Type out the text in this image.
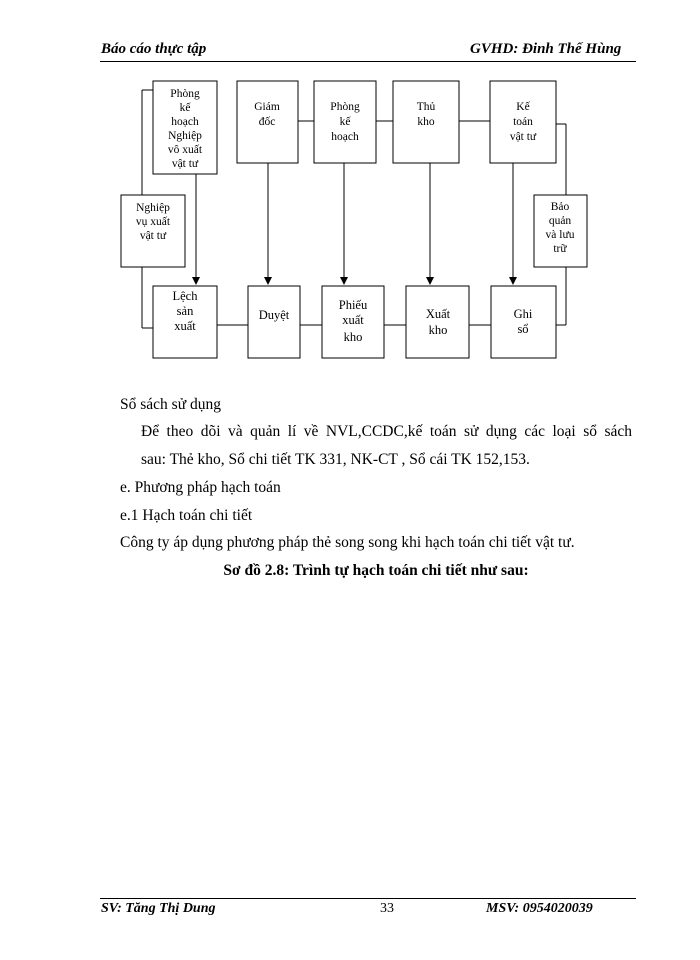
Báo cáo thực tập	GVHD: Đinh Thế Hùng
Phòng
kế
hoạch
Nghiệp
vô xuất
vật tư
Giám
đốc
Phòng
kế
hoạch
Thủ
kho
Kế
toán
vật tư
Nghiệp
vụ xuất
vật tư
Bảo
quản
và lưu
trữ
Lệch
sản
xuất
Duyệt
Phiếu
xuất
kho
Xuất
kho
Ghi
sổ
Sổ sách sử dụng
Để theo dõi và quản lí về NVL,CCDC,kế toán sử dụng các loại sổ sách
sau: Thẻ kho, Sổ chi tiết TK 331, NK-CT , Sổ cái TK 152,153.
e. Phương pháp hạch toán
e.1 Hạch toán chi tiết
Công ty áp dụng phương pháp thẻ song song khi hạch toán chi tiết vật tư.
Sơ đồ 2.8: Trình tự hạch toán chi tiết như sau:
SV: Tăng Thị Dung	33	MSV: 0954020039
